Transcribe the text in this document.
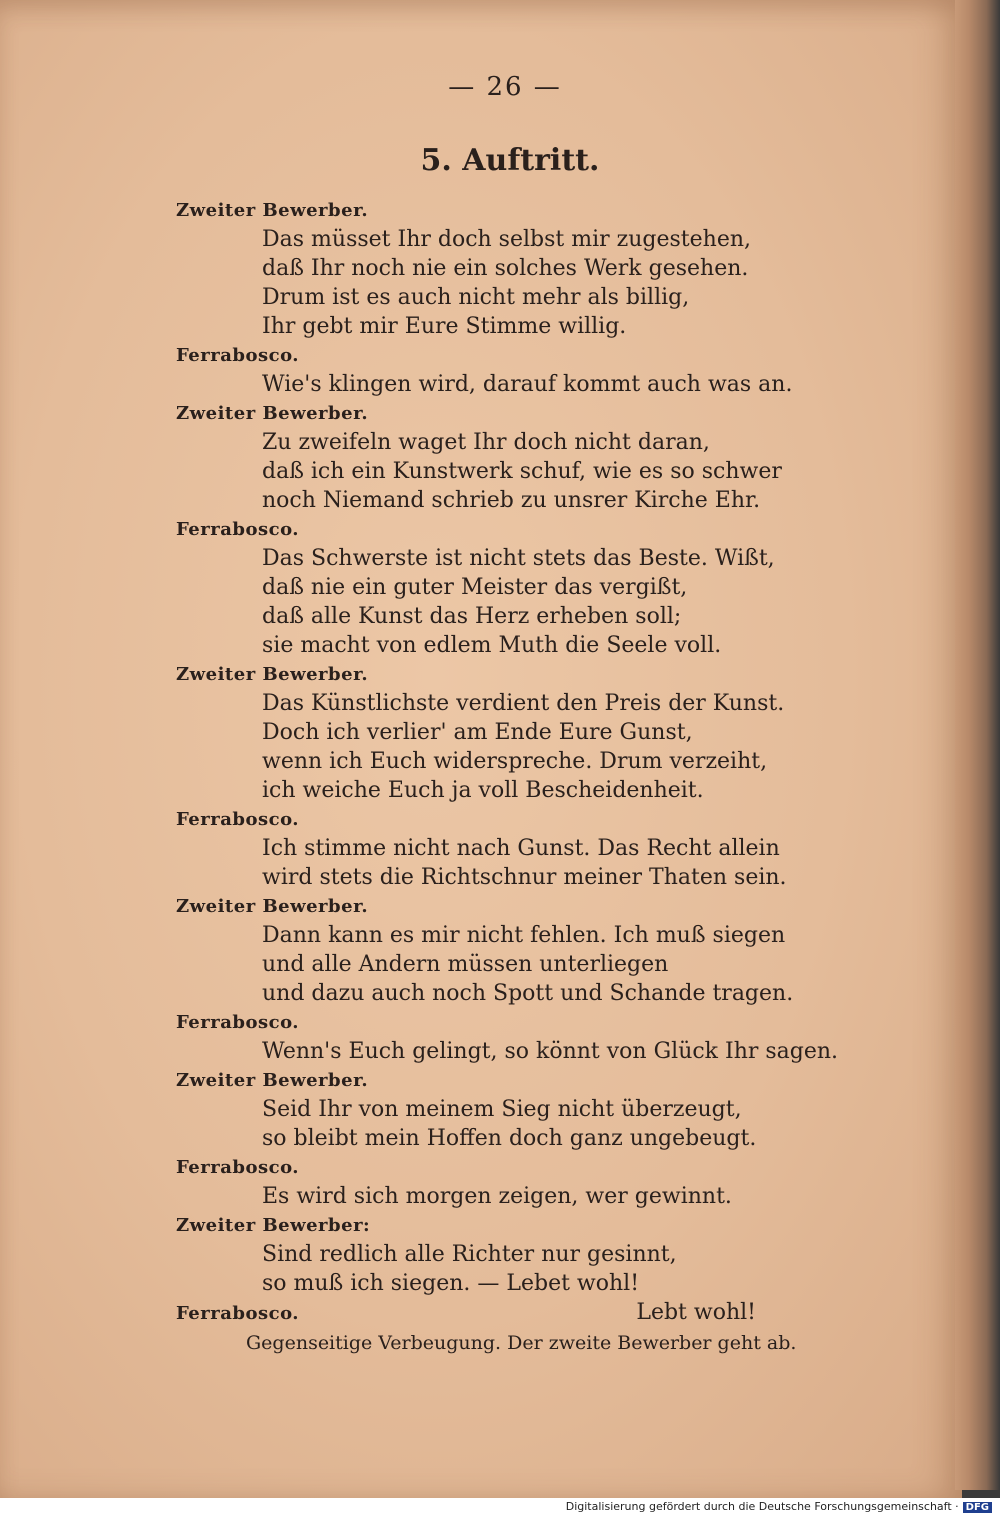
— 26 —
5. Auftritt.
Zweiter Bewerber.
Das müsset Ihr doch selbst mir zugestehen,
daß Ihr noch nie ein solches Werk gesehen.
Drum ist es auch nicht mehr als billig,
Ihr gebt mir Eure Stimme willig.
Ferrabosco.
Wie's klingen wird, darauf kommt auch was an.
Zweiter Bewerber.
Zu zweifeln waget Ihr doch nicht daran,
daß ich ein Kunstwerk schuf, wie es so schwer
noch Niemand schrieb zu unsrer Kirche Ehr.
Ferrabosco.
Das Schwerste ist nicht stets das Beste. Wißt,
daß nie ein guter Meister das vergißt,
daß alle Kunst das Herz erheben soll;
sie macht von edlem Muth die Seele voll.
Zweiter Bewerber.
Das Künstlichste verdient den Preis der Kunst.
Doch ich verlier' am Ende Eure Gunst,
wenn ich Euch widerspreche. Drum verzeiht,
ich weiche Euch ja voll Bescheidenheit.
Ferrabosco.
Ich stimme nicht nach Gunst. Das Recht allein
wird stets die Richtschnur meiner Thaten sein.
Zweiter Bewerber.
Dann kann es mir nicht fehlen. Ich muß siegen
und alle Andern müssen unterliegen
und dazu auch noch Spott und Schande tragen.
Ferrabosco.
Wenn's Euch gelingt, so könnt von Glück Ihr sagen.
Zweiter Bewerber.
Seid Ihr von meinem Sieg nicht überzeugt,
so bleibt mein Hoffen doch ganz ungebeugt.
Ferrabosco.
Es wird sich morgen zeigen, wer gewinnt.
Zweiter Bewerber:
Sind redlich alle Richter nur gesinnt,
so muß ich siegen. — Lebet wohl!
Ferrabosco.	Lebt wohl!
Gegenseitige Verbeugung. Der zweite Bewerber geht ab.
Digitalisierung gefördert durch die Deutsche Forschungsgemeinschaft · DFG
